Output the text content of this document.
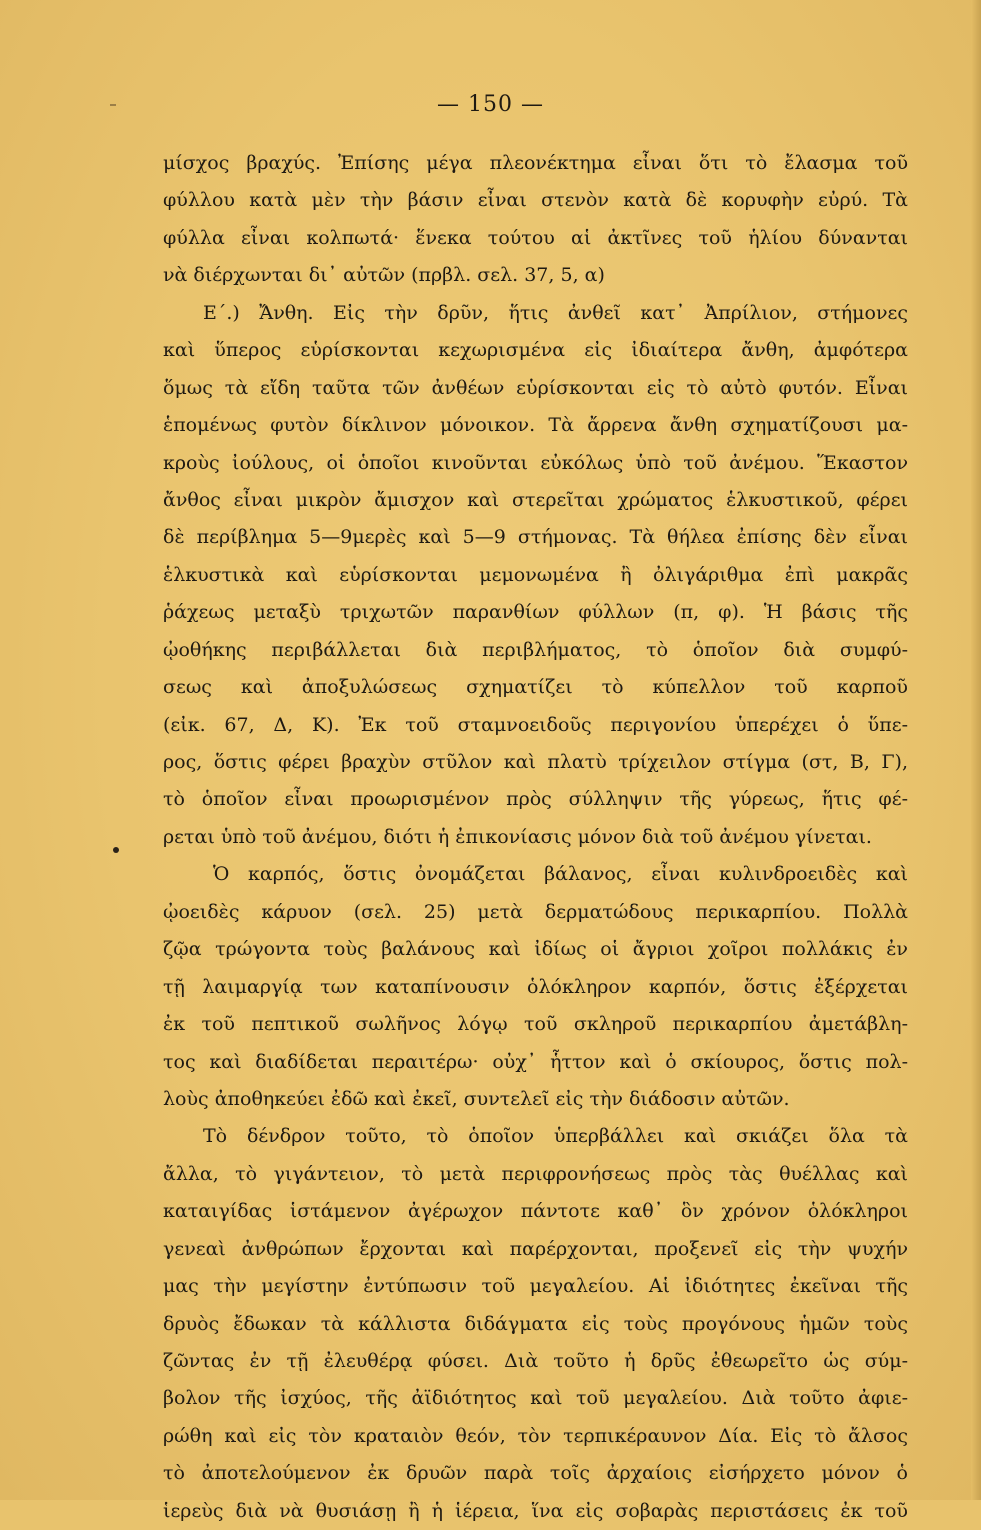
— 150 —
μίσχος βραχύς. Ἐπίσης μέγα πλεονέκτημα εἶναι ὅτι τὸ ἔλασμα τοῦ
φύλλου κατὰ μὲν τὴν βάσιν εἶναι στενὸν κατὰ δὲ κορυφὴν εὐρύ. Τὰ
φύλλα εἶναι κολπωτά· ἕνεκα τούτου αἱ ἀκτῖνες τοῦ ἡλίου δύνανται
νὰ διέρχωνται δι᾽ αὐτῶν (πρβλ. σελ. 37, 5, α)
Ε΄.) Ἄνθη. Εἰς τὴν δρῦν, ἥτις ἀνθεῖ κατ᾽ Ἀπρίλιον, στήμονες
καὶ ὕπερος εὑρίσκονται κεχωρισμένα εἰς ἰδιαίτερα ἄνθη, ἀμφότερα
ὅμως τὰ εἴδη ταῦτα τῶν ἀνθέων εὑρίσκονται εἰς τὸ αὐτὸ φυτόν. Εἶναι
ἑπομένως φυτὸν δίκλινον μόνοικον. Τὰ ἄρρενα ἄνθη σχηματίζουσι μα-
κροὺς ἰούλους, οἱ ὁποῖοι κινοῦνται εὐκόλως ὑπὸ τοῦ ἀνέμου. Ἕκαστον
ἄνθος εἶναι μικρὸν ἄμισχον καὶ στερεῖται χρώματος ἑλκυστικοῦ, φέρει
δὲ περίβλημα 5—9μερὲς καὶ 5—9 στήμονας. Τὰ θήλεα ἐπίσης δὲν εἶναι
ἑλκυστικὰ καὶ εὑρίσκονται μεμονωμένα ἢ ὀλιγάριθμα ἐπὶ μακρᾶς
ῥάχεως μεταξὺ τριχωτῶν παρανθίων φύλλων (π, φ). Ἡ βάσις τῆς
ᾠοθήκης περιβάλλεται διὰ περιβλήματος, τὸ ὁποῖον διὰ συμφύ-
σεως καὶ ἀποξυλώσεως σχηματίζει τὸ κύπελλον τοῦ καρποῦ
(εἰκ. 67, Δ, Κ). Ἐκ τοῦ σταμνοειδοῦς περιγονίου ὑπερέχει ὁ ὕπε-
ρος, ὅστις φέρει βραχὺν στῦλον καὶ πλατὺ τρίχειλον στίγμα (στ, Β, Γ),
τὸ ὁποῖον εἶναι προωρισμένον πρὸς σύλληψιν τῆς γύρεως, ἥτις φέ-
ρεται ὑπὸ τοῦ ἀνέμου, διότι ἡ ἐπικονίασις μόνον διὰ τοῦ ἀνέμου γίνεται.
Ὁ καρπός, ὅστις ὀνομάζεται βάλανος, εἶναι κυλινδροειδὲς καὶ
ᾠοειδὲς κάρυον (σελ. 25) μετὰ δερματώδους περικαρπίου. Πολλὰ
ζῷα τρώγοντα τοὺς βαλάνους καὶ ἰδίως οἱ ἄγριοι χοῖροι πολλάκις ἐν
τῇ λαιμαργίᾳ των καταπίνουσιν ὁλόκληρον καρπόν, ὅστις ἐξέρχεται
ἐκ τοῦ πεπτικοῦ σωλῆνος λόγῳ τοῦ σκληροῦ περικαρπίου ἀμετάβλη-
τος καὶ διαδίδεται περαιτέρω· οὐχ᾽ ἧττον καὶ ὁ σκίουρος, ὅστις πολ-
λοὺς ἀποθηκεύει ἐδῶ καὶ ἐκεῖ, συντελεῖ εἰς τὴν διάδοσιν αὐτῶν.
Τὸ δένδρον τοῦτο, τὸ ὁποῖον ὑπερβάλλει καὶ σκιάζει ὅλα τὰ
ἄλλα, τὸ γιγάντειον, τὸ μετὰ περιφρονήσεως πρὸς τὰς θυέλλας καὶ
καταιγίδας ἱστάμενον ἀγέρωχον πάντοτε καθ᾽ ὃν χρόνον ὁλόκληροι
γενεαὶ ἀνθρώπων ἔρχονται καὶ παρέρχονται, προξενεῖ εἰς τὴν ψυχήν
μας τὴν μεγίστην ἐντύπωσιν τοῦ μεγαλείου. Αἱ ἰδιότητες ἐκεῖναι τῆς
δρυὸς ἔδωκαν τὰ κάλλιστα διδάγματα εἰς τοὺς προγόνους ἡμῶν τοὺς
ζῶντας ἐν τῇ ἐλευθέρᾳ φύσει. Διὰ τοῦτο ἡ δρῦς ἐθεωρεῖτο ὡς σύμ-
βολον τῆς ἰσχύος, τῆς ἀϊδιότητος καὶ τοῦ μεγαλείου. Διὰ τοῦτο ἀφιε-
ρώθη καὶ εἰς τὸν κραταιὸν θεόν, τὸν τερπικέραυνον Δία. Εἰς τὸ ἄλσος
τὸ ἀποτελούμενον ἐκ δρυῶν παρὰ τοῖς ἀρχαίοις εἰσήρχετο μόνον ὁ
ἱερεὺς διὰ νὰ θυσιάσῃ ἢ ἡ ἱέρεια, ἵνα εἰς σοβαρὰς περιστάσεις ἐκ τοῦ
